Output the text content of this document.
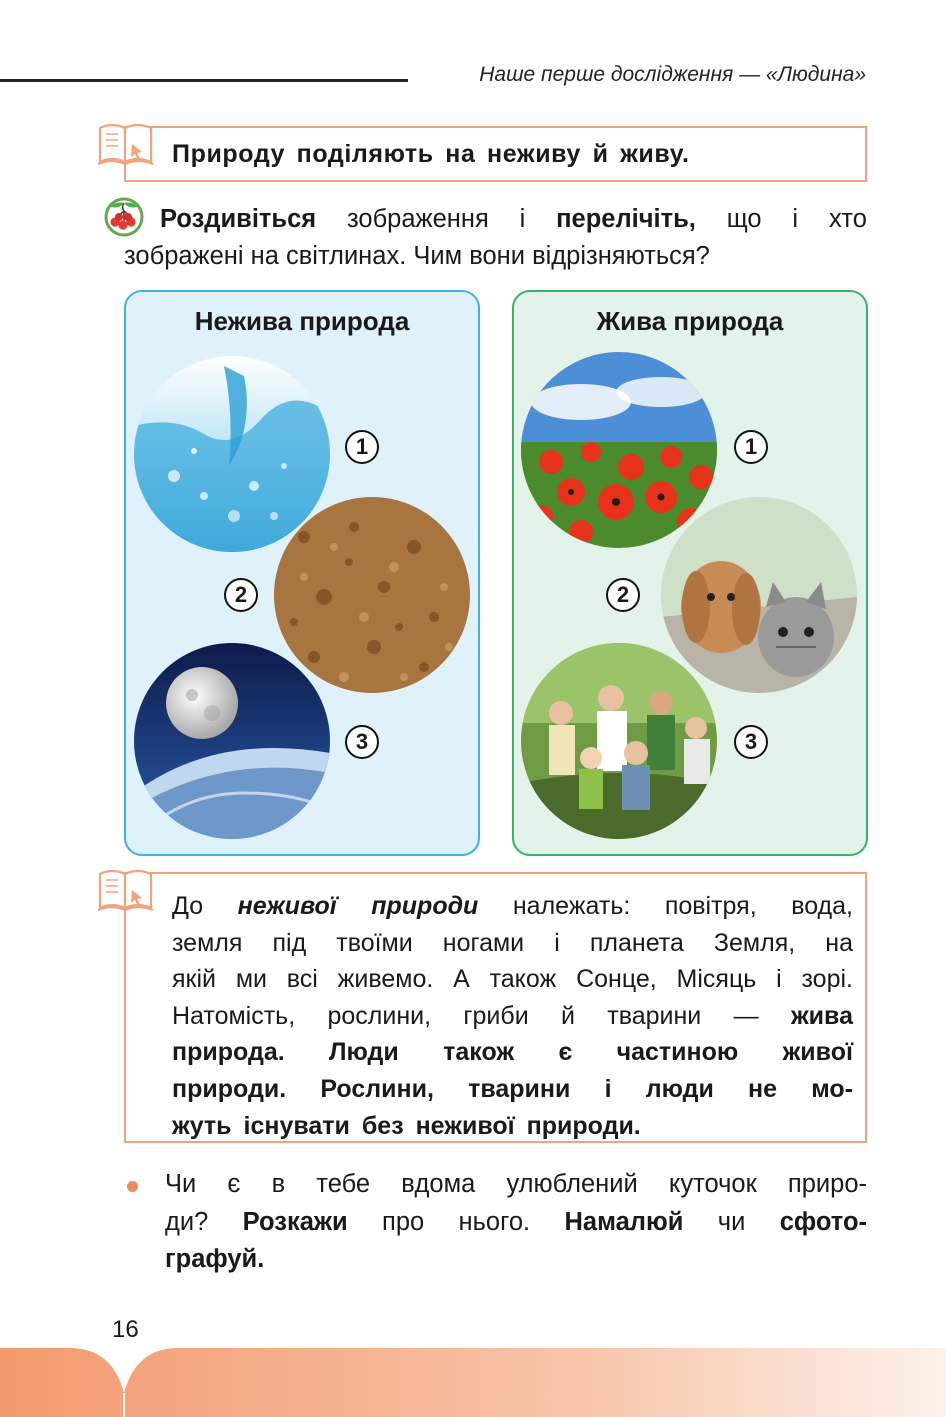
Наше перше дослідження — «Людина»
Природу поділяють на неживу й живу.
Роздивіться зображення і перелічіть, що і хто
зображені на світлинах. Чим вони відрізняються?
Нежива природа
1
2
3
Жива природа
1
2
3
До неживої природи належать: повітря, вода,
земля під твоїми ногами і планета Земля, на
якій ми всі живемо. А також Сонце, Місяць і зорі.
Натомість, рослини, гриби й тварини — жива
природа. Люди також є частиною живої
природи. Рослини, тварини і люди не мо-
жуть існувати без неживої природи.
Чи є в тебе вдома улюблений куточок приро-
ди? Розкажи про нього. Намалюй чи сфото-
графуй.
16
